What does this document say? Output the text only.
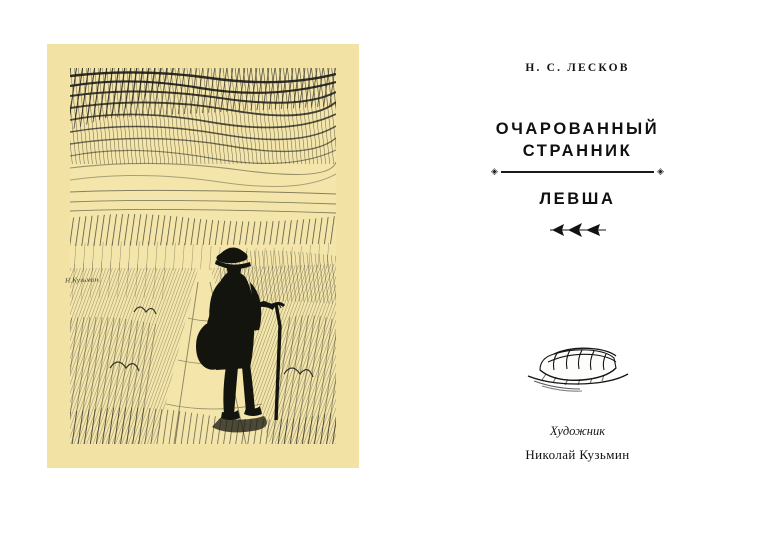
Н.Кузьмин.
Н. С. ЛЕСКОВ
ОЧАРОВАННЫЙ
СТРАННИК
◈	◈
ЛЕВША
Художник
Николай Кузьмин
